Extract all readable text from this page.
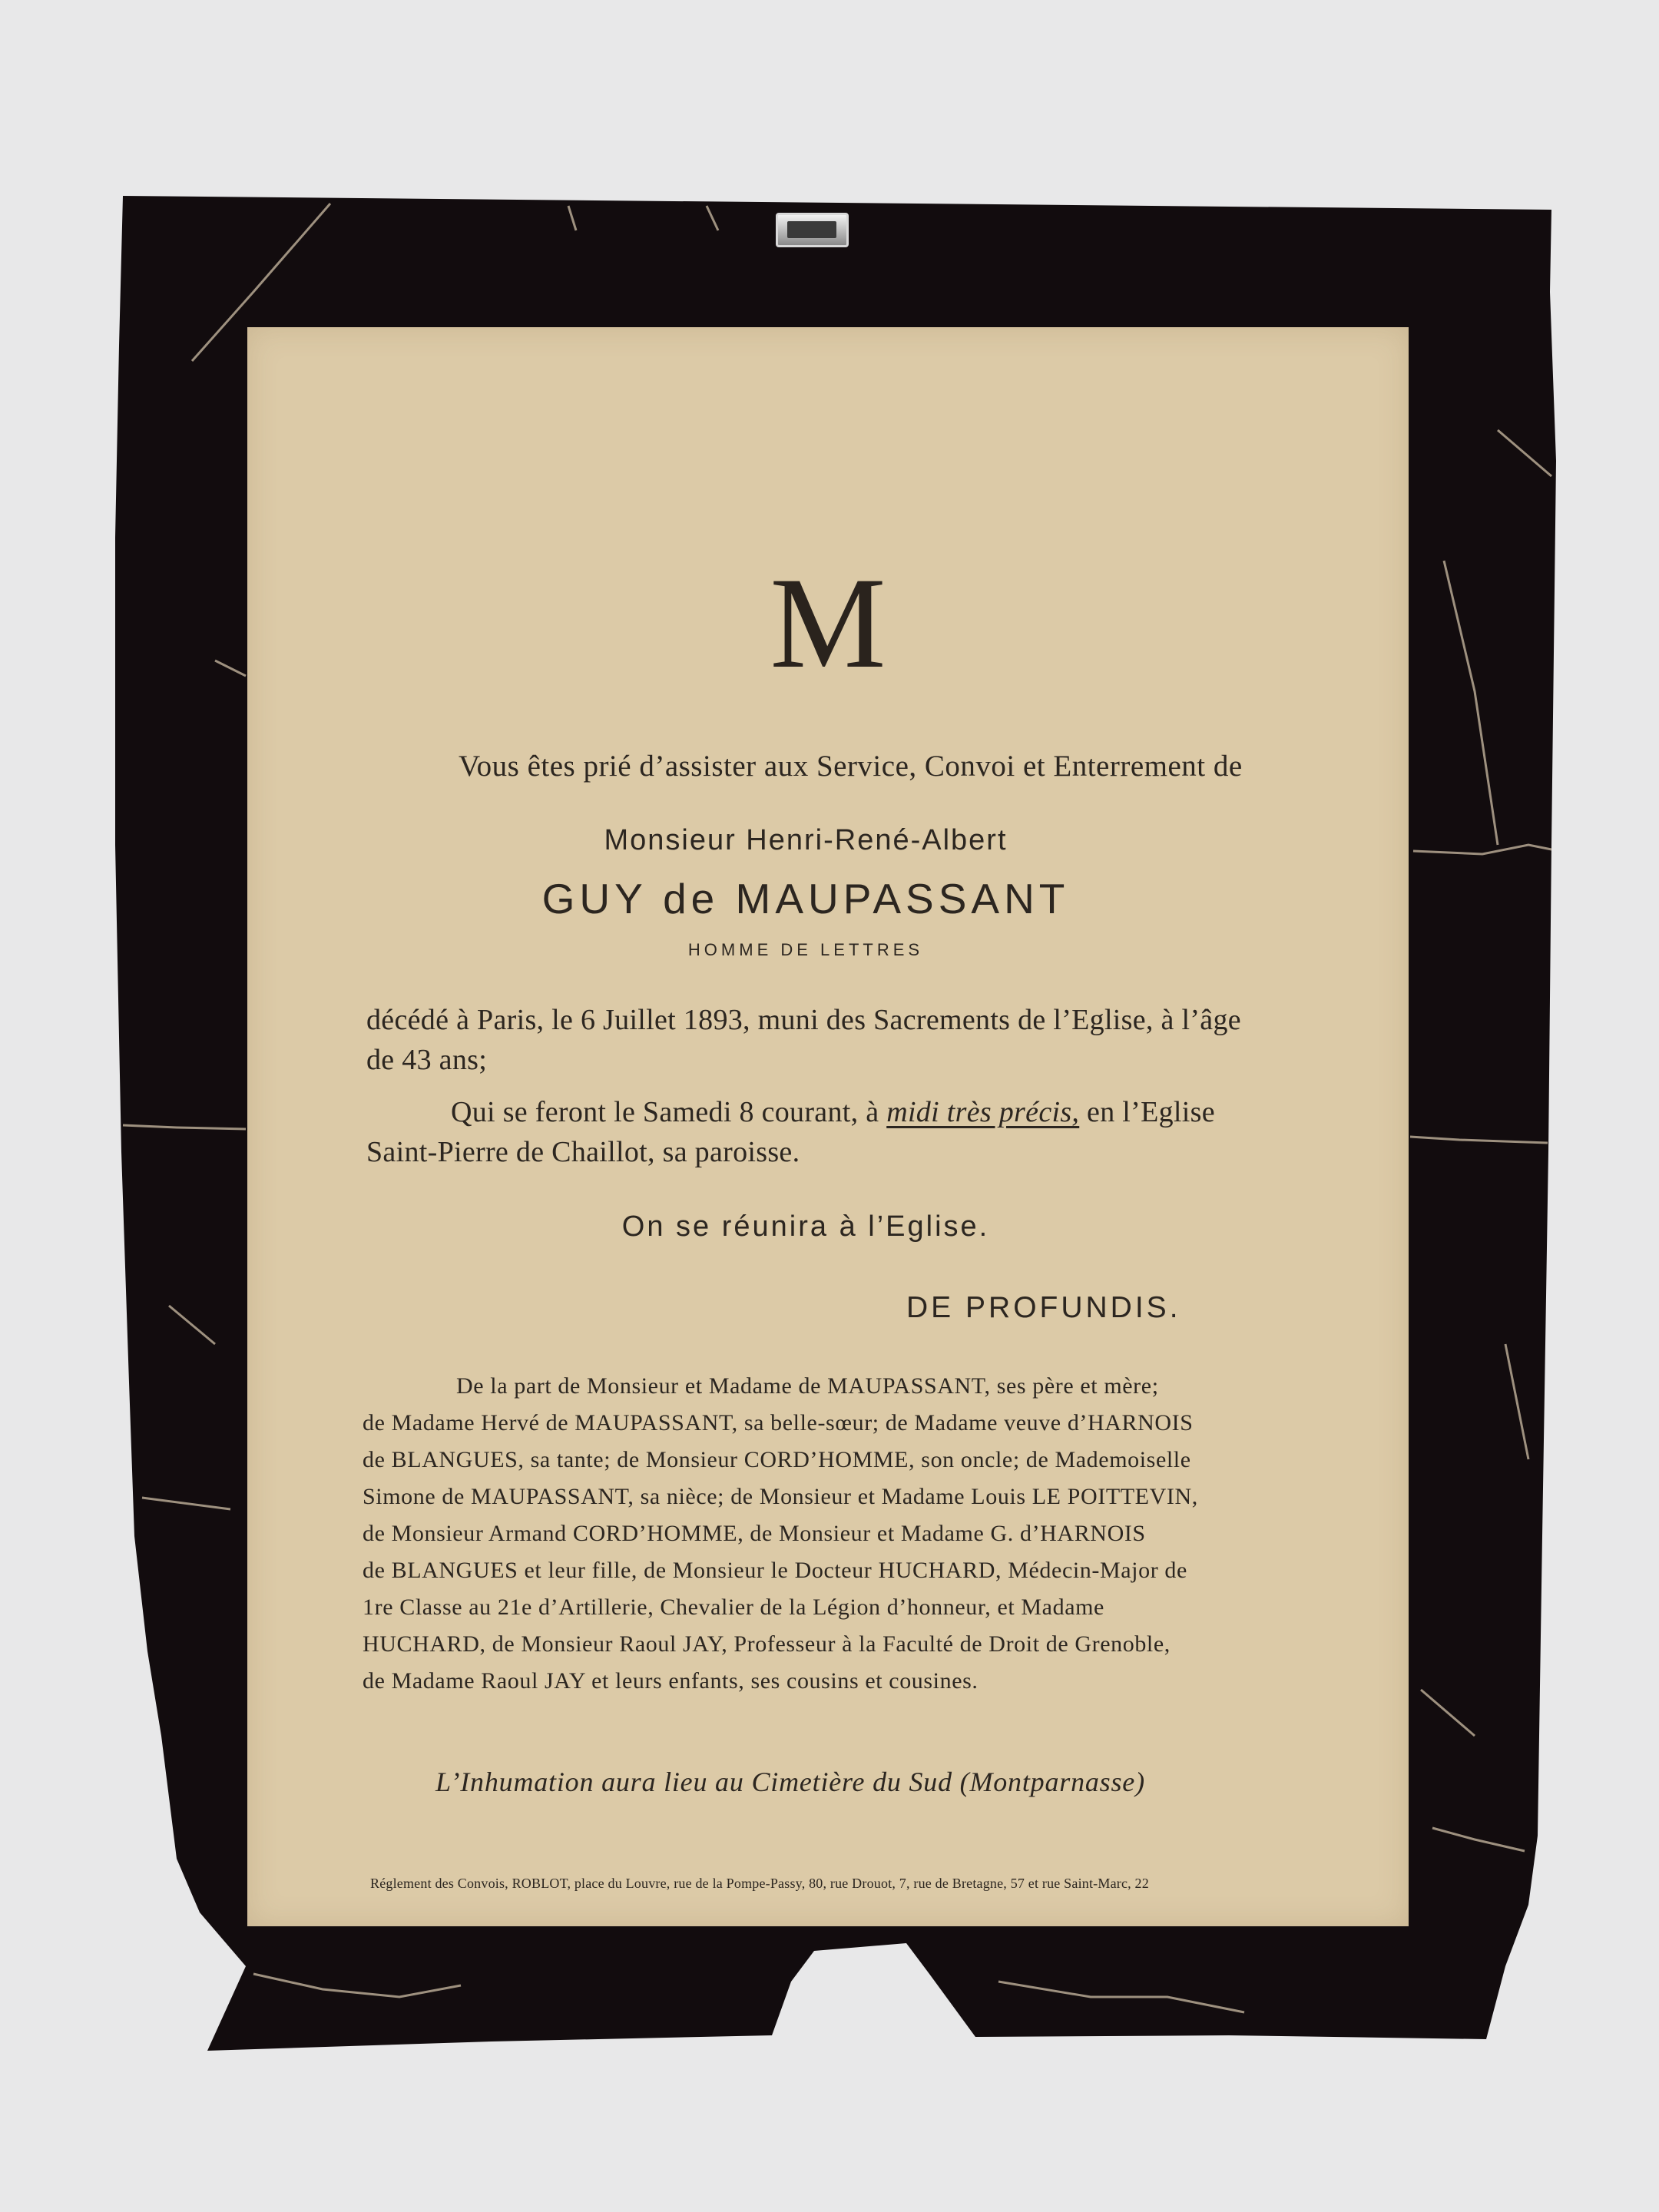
M
Vous êtes prié d’assister aux Service, Convoi et Enterrement de
Monsieur Henri-René-Albert
GUY de MAUPASSANT
HOMME DE LETTRES
décédé à Paris, le 6 Juillet 1893, muni des Sacrements de l’Eglise, à l’âge
de 43 ans;
Qui se feront le Samedi 8 courant, à midi très précis, en l’Eglise
Saint-Pierre de Chaillot, sa paroisse.
On se réunira à l’Eglise.
DE PROFUNDIS.
De la part de Monsieur et Madame de MAUPASSANT, ses père et mère;
de Madame Hervé de MAUPASSANT, sa belle-sœur; de Madame veuve d’HARNOIS
de BLANGUES, sa tante; de Monsieur CORD’HOMME, son oncle; de Mademoiselle
Simone de MAUPASSANT, sa nièce; de Monsieur et Madame Louis LE POITTEVIN,
de Monsieur Armand CORD’HOMME, de Monsieur et Madame G. d’HARNOIS
de BLANGUES et leur fille, de Monsieur le Docteur HUCHARD, Médecin-Major de
1re Classe au 21e d’Artillerie, Chevalier de la Légion d’honneur, et Madame
HUCHARD, de Monsieur Raoul JAY, Professeur à la Faculté de Droit de Grenoble,
de Madame Raoul JAY et leurs enfants, ses cousins et cousines.
L’Inhumation aura lieu au Cimetière du Sud (Montparnasse)
Réglement des Convois, ROBLOT, place du Louvre, rue de la Pompe-Passy, 80, rue Drouot, 7, rue de Bretagne, 57 et rue Saint-Marc, 22
